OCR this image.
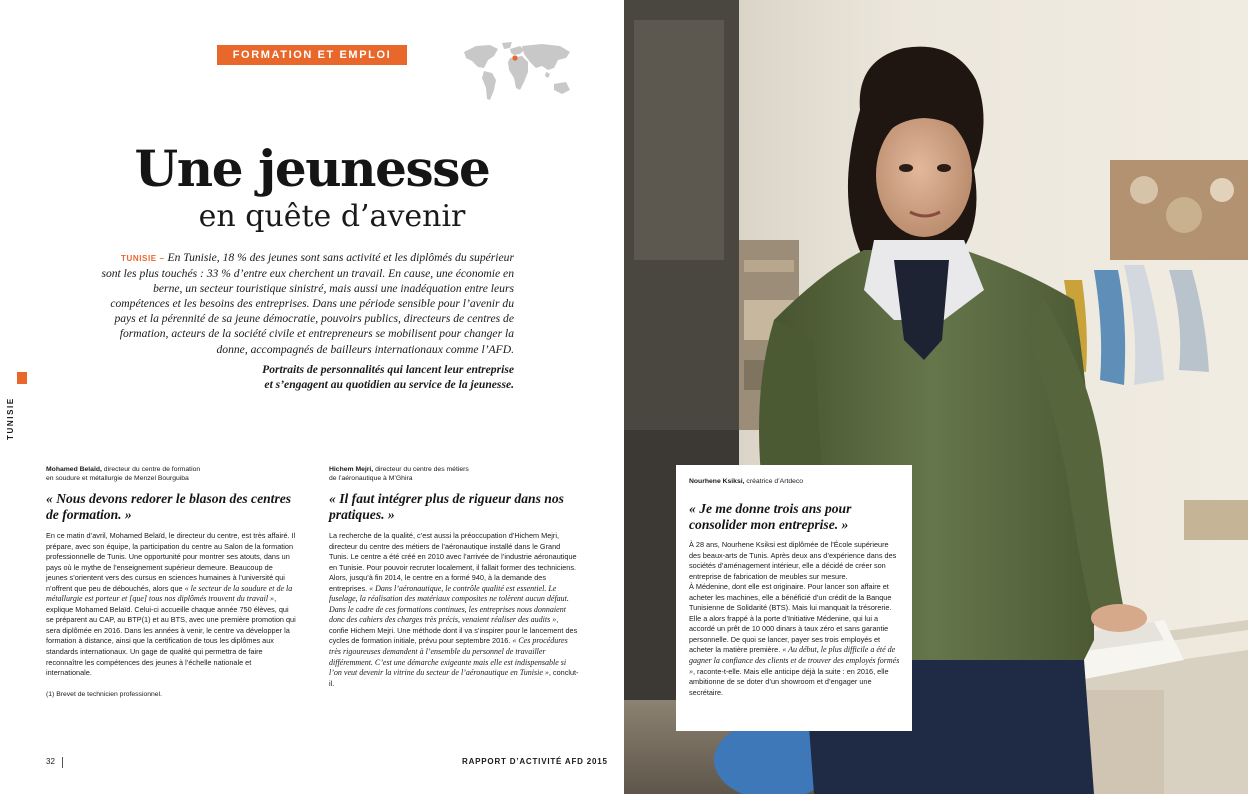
FORMATION ET EMPLOI
Une jeunesse
en quête d’avenir
TUNISIE – En Tunisie, 18 % des jeunes sont sans activité et les diplômés du supérieur sont les plus touchés : 33 % d’entre eux cherchent un travail. En cause, une économie en berne, un secteur touristique sinistré, mais aussi une inadéquation entre leurs compétences et les besoins des entreprises. Dans une période sensible pour l’avenir du pays et la pérennité de sa jeune démocratie, pouvoirs publics, directeurs de centres de formation, acteurs de la société civile et entrepreneurs se mobilisent pour changer la donne, accompagnés de bailleurs internationaux comme l’AFD.
Portraits de personnalités qui lancent leur entreprise
et s’engagent au quotidien au service de la jeunesse.
TUNISIE
Mohamed Belaïd, directeur du centre de formation
en soudure et métallurgie de Menzel Bourguiba
« Nous devons redorer le blason des centres de formation. »
En ce matin d’avril, Mohamed Belaïd, le directeur du centre, est très affairé. Il prépare, avec son équipe, la participation du centre au Salon de la formation professionnelle de Tunis. Une opportunité pour montrer ses atouts, dans un pays où le mythe de l’enseignement supérieur demeure. Beaucoup de jeunes s’orientent vers des cursus en sciences humaines à l’université qui n’offrent que peu de débouchés, alors que « le secteur de la soudure et de la métallurgie est porteur et [que] tous nos diplômés trouvent du travail », explique Mohamed Belaïd. Celui-ci accueille chaque année 750 élèves, qui se préparent au CAP, au BTP(1) et au BTS, avec une première promotion qui sera diplômée en 2016. Dans les années à venir, le centre va développer la formation à distance, ainsi que la certification de tous les diplômes aux standards internationaux. Un gage de qualité qui permettra de faire reconnaître les compétences des jeunes à l’échelle nationale et internationale.
(1) Brevet de technicien professionnel.
Hichem Mejri, directeur du centre des métiers
de l’aéronautique à M’Ghira
« Il faut intégrer plus de rigueur dans nos pratiques. »
La recherche de la qualité, c’est aussi la préoccupation d’Hichem Mejri, directeur du centre des métiers de l’aéronautique installé dans le Grand Tunis. Le centre a été créé en 2010 avec l’arrivée de l’industrie aéronautique en Tunisie. Pour pouvoir recruter localement, il fallait former des techniciens. Alors, jusqu’à fin 2014, le centre en a formé 940, à la demande des entreprises. « Dans l’aéronautique, le contrôle qualité est essentiel. Le fuselage, la réalisation des matériaux composites ne tolèrent aucun défaut. Dans le cadre de ces formations continues, les entreprises nous donnaient donc des cahiers des charges très précis, venaient réaliser des audits », confie Hichem Mejri. Une méthode dont il va s’inspirer pour le lancement des cycles de formation initiale, prévu pour septembre 2016. « Ces procédures très rigoureuses demandent à l’ensemble du personnel de travailler différemment. C’est une démarche exigeante mais elle est indispensable si l’on veut devenir la vitrine du secteur de l’aéronautique en Tunisie », conclut-il.
32	RAPPORT D’ACTIVITÉ AFD 2015
Nourhene Ksiksi, créatrice d’Artdeco
« Je me donne trois ans pour consolider mon entreprise. »
À 28 ans, Nourhene Ksiksi est diplômée de l’École supérieure des beaux-arts de Tunis. Après deux ans d’expérience dans des sociétés d’aménagement intérieur, elle a décidé de créer son entreprise de fabrication de meubles sur mesure.
À Médenine, dont elle est originaire. Pour lancer son affaire et acheter les machines, elle a bénéficié d’un crédit de la Banque Tunisienne de Solidarité (BTS). Mais lui manquait la trésorerie. Elle a alors frappé à la porte d’Initiative Médenine, qui lui a accordé un prêt de 10 000 dinars à taux zéro et sans garantie personnelle. De quoi se lancer, payer ses trois employés et acheter la matière première. « Au début, le plus difficile a été de gagner la confiance des clients et de trouver des employés formés », raconte-t-elle. Mais elle anticipe déjà la suite : en 2016, elle ambitionne de se doter d’un showroom et d’engager une secrétaire.
